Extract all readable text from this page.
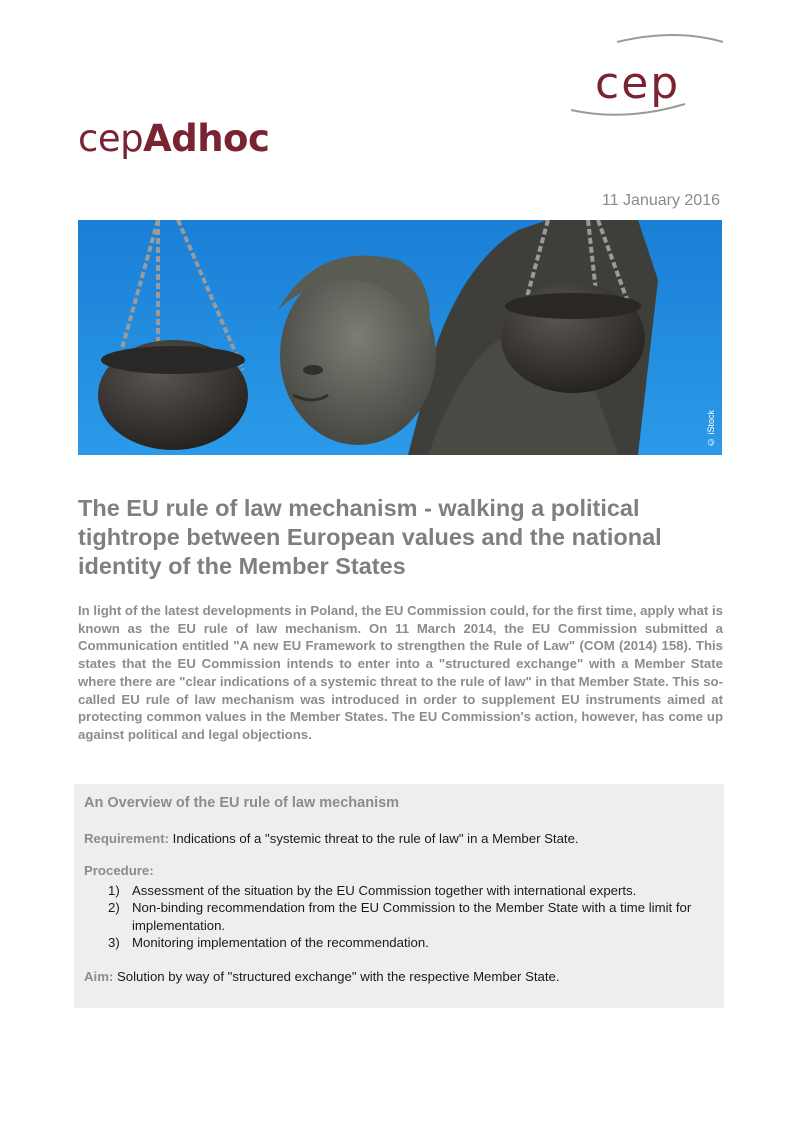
cep
cepAdhoc
11 January 2016
© iStock
The EU rule of law mechanism - walking a political tightrope between European values and the national identity of the Member States

In light of the latest developments in Poland, the EU Commission could, for the first time, apply what is known as the EU rule of law mechanism. On 11 March 2014, the EU Commission submitted a Communication entitled "A new EU Framework to strengthen the Rule of Law" (COM (2014) 158). This states that the EU Commission intends to enter into a "structured exchange" with a Member State where there are "clear indications of a systemic threat to the rule of law" in that Member State. This so-called EU rule of law mechanism was introduced in order to supplement EU instruments aimed at protecting common values in the Member States. The EU Commission's action, however, has come up against political and legal objections.

An Overview of the EU rule of law mechanism
Requirement: Indications of a "systemic threat to the rule of law" in a Member State.
Procedure:
1) Assessment of the situation by the EU Commission together with international experts.
2) Non-binding recommendation from the EU Commission to the Member State with a time limit for implementation.
3) Monitoring implementation of the recommendation.
Aim: Solution by way of "structured exchange" with the respective Member State.
